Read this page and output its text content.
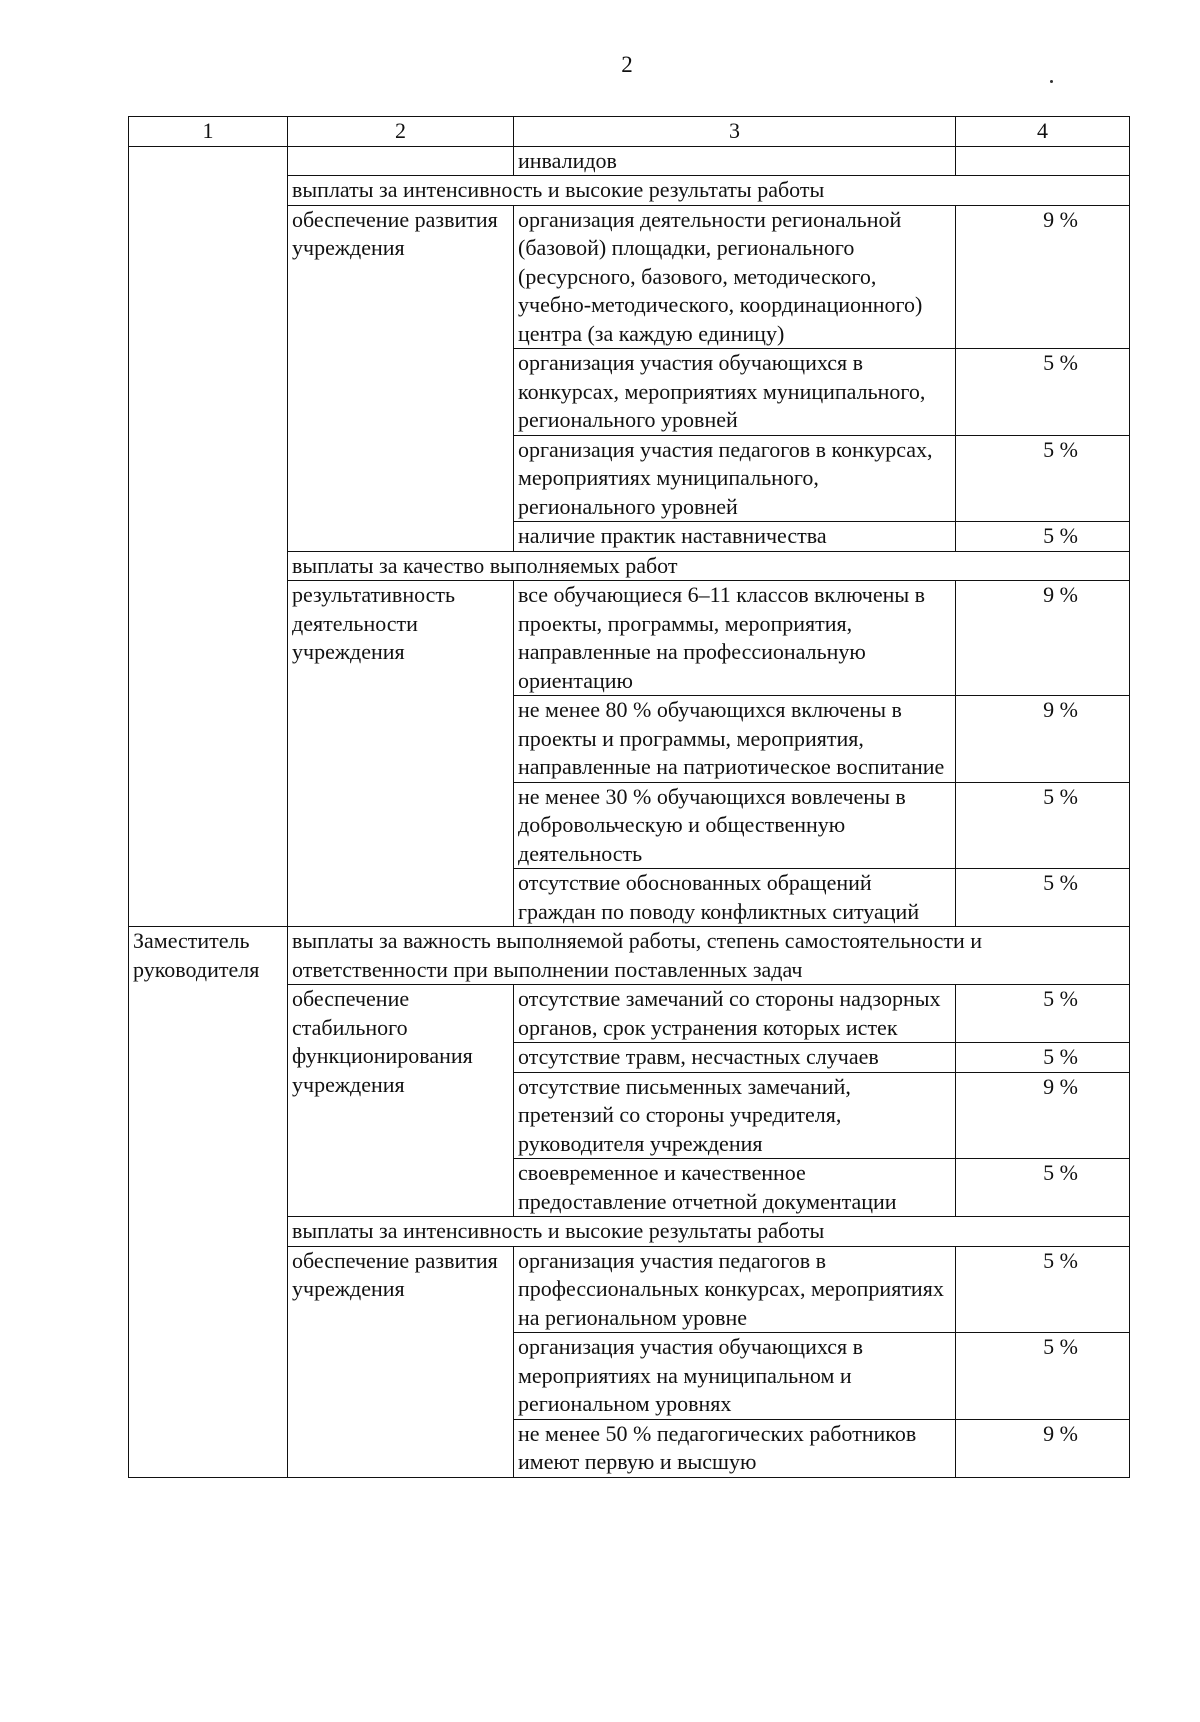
2
1	2	3	4
		инвалидов	
	выплаты за интенсивность и высокие результаты работы		
	обеспечение развития учреждения	организация деятельности региональной (базовой) площадки, регионального (ресурсного, базового, методического, учебно-методического, координационного) центра (за каждую единицу)	9 %
		организация участия обучающихся в конкурсах, мероприятиях муниципального, регионального уровней	5 %
		организация участия педагогов в конкурсах, мероприятиях муниципального, регионального уровней	5 %
		наличие практик наставничества	5 %
	выплаты за качество выполняемых работ		
	результативность деятельности учреждения	все обучающиеся 6–11 классов включены в проекты, программы, мероприятия, направленные на профессиональную ориентацию	9 %
		не менее 80 % обучающихся включены в проекты и программы, мероприятия, направленные на патриотическое воспитание	9 %
		не менее 30 % обучающихся вовлечены в добровольческую и общественную деятельность	5 %
		отсутствие обоснованных обращений граждан по поводу конфликтных ситуаций	5 %
Заместитель руководителя	выплаты за важность выполняемой работы, степень самостоятельности и ответственности при выполнении поставленных задач		
	обеспечение стабильного функционирования учреждения	отсутствие замечаний со стороны надзорных органов, срок устранения которых истек	5 %
		отсутствие травм, несчастных случаев	5 %
		отсутствие письменных замечаний, претензий со стороны учредителя, руководителя учреждения	9 %
		своевременное и качественное предоставление отчетной документации	5 %
	выплаты за интенсивность и высокие результаты работы		
	обеспечение развития учреждения	организация участия педагогов в профессиональных конкурсах, мероприятиях на региональном уровне	5 %
		организация участия обучающихся в мероприятиях на муниципальном и региональном уровнях	5 %
		не менее 50 % педагогических работников имеют первую и высшую	9 %
